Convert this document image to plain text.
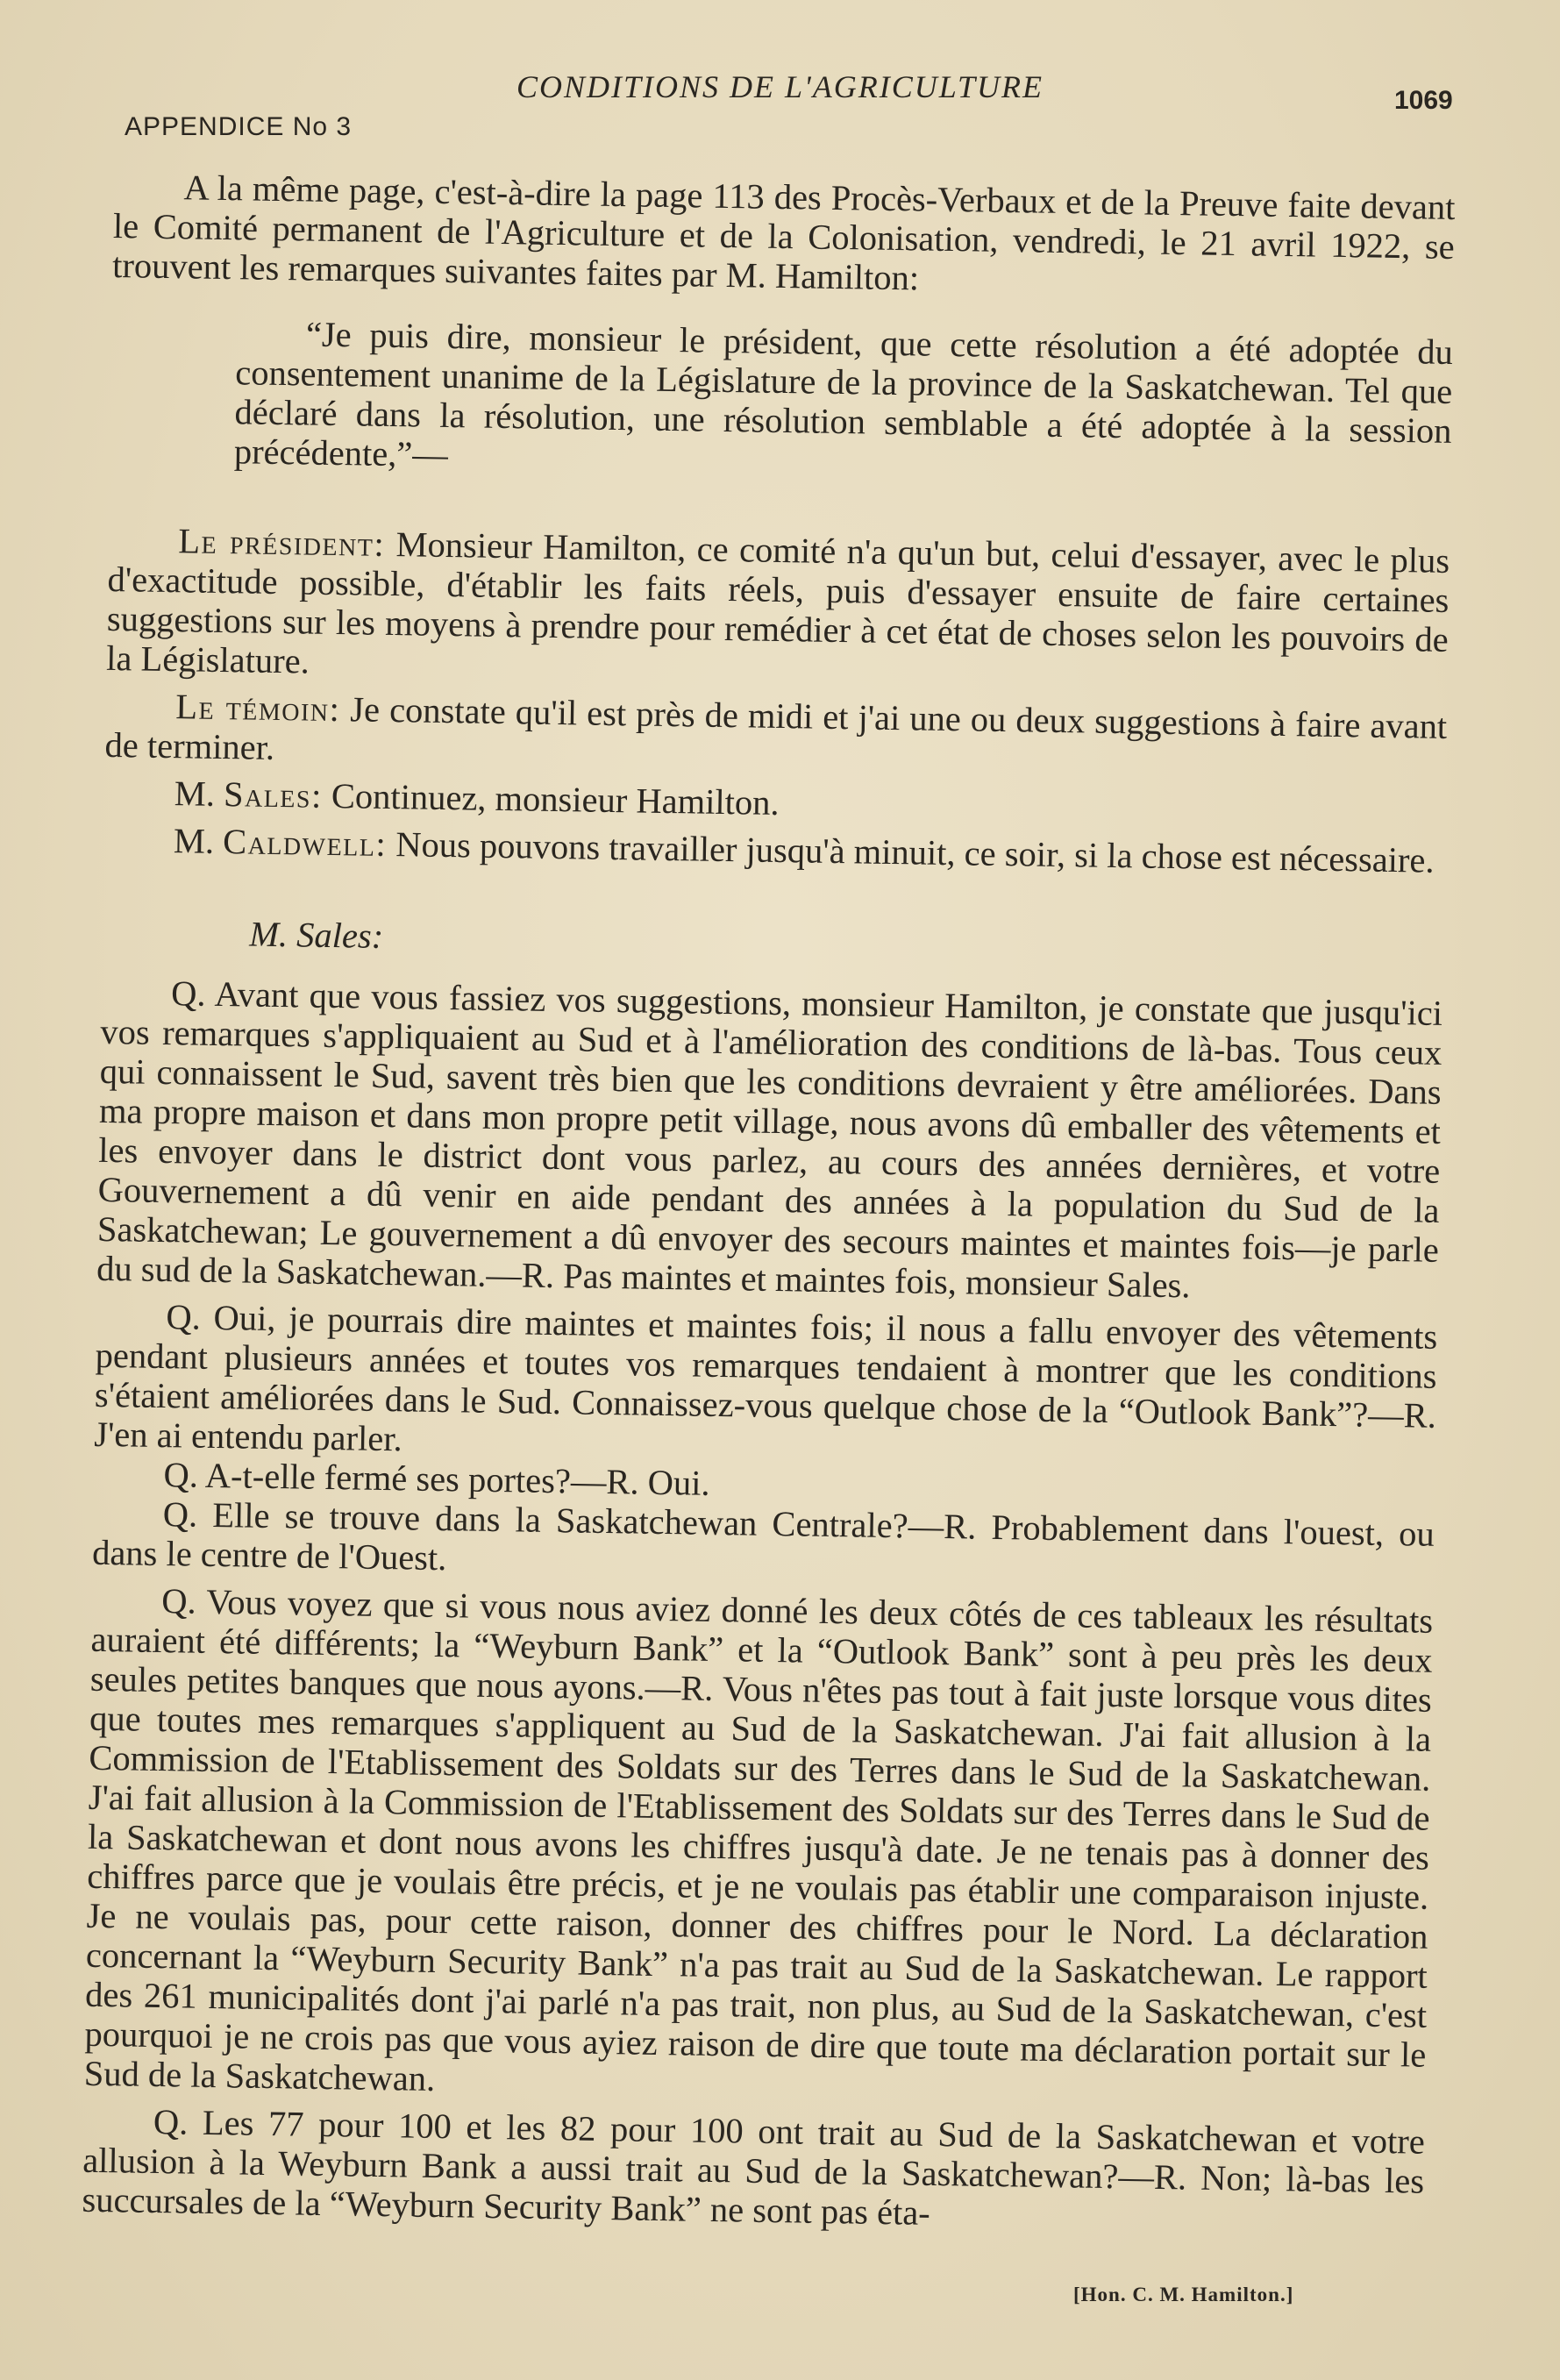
CONDITIONS DE L'AGRICULTURE
APPENDICE No 3
1069

A la même page, c'est-à-dire la page 113 des Procès-Verbaux et de la Preuve faite devant le Comité permanent de l'Agriculture et de la Colonisation, vendredi, le 21 avril 1922, se trouvent les remarques suivantes faites par M. Hamilton:

“Je puis dire, monsieur le président, que cette résolution a été adoptée du consentement unanime de la Législature de la province de la Saskatchewan. Tel que déclaré dans la résolution, une résolution semblable a été adoptée à la session précédente,”—

Le président: Monsieur Hamilton, ce comité n'a qu'un but, celui d'essayer, avec le plus d'exactitude possible, d'établir les faits réels, puis d'essayer ensuite de faire certaines suggestions sur les moyens à prendre pour remédier à cet état de choses selon les pouvoirs de la Législature.

Le témoin: Je constate qu'il est près de midi et j'ai une ou deux suggestions à faire avant de terminer.

M. Sales: Continuez, monsieur Hamilton.

M. Caldwell: Nous pouvons travailler jusqu'à minuit, ce soir, si la chose est nécessaire.

M. Sales:

Q. Avant que vous fassiez vos suggestions, monsieur Hamilton, je constate que jusqu'ici vos remarques s'appliquaient au Sud et à l'amélioration des conditions de là-bas. Tous ceux qui connaissent le Sud, savent très bien que les conditions devraient y être améliorées. Dans ma propre maison et dans mon propre petit village, nous avons dû emballer des vêtements et les envoyer dans le district dont vous parlez, au cours des années dernières, et votre Gouvernement a dû venir en aide pendant des années à la population du Sud de la Saskatchewan; Le gouvernement a dû envoyer des secours maintes et maintes fois—je parle du sud de la Saskatchewan.—R. Pas maintes et maintes fois, monsieur Sales.

Q. Oui, je pourrais dire maintes et maintes fois; il nous a fallu envoyer des vêtements pendant plusieurs années et toutes vos remarques tendaient à montrer que les conditions s'étaient améliorées dans le Sud. Connaissez-vous quelque chose de la “Outlook Bank”?—R. J'en ai entendu parler.

Q. A-t-elle fermé ses portes?—R. Oui.

Q. Elle se trouve dans la Saskatchewan Centrale?—R. Probablement dans l'ouest, ou dans le centre de l'Ouest.

Q. Vous voyez que si vous nous aviez donné les deux côtés de ces tableaux les résultats auraient été différents; la “Weyburn Bank” et la “Outlook Bank” sont à peu près les deux seules petites banques que nous ayons.—R. Vous n'êtes pas tout à fait juste lorsque vous dites que toutes mes remarques s'appliquent au Sud de la Saskatchewan. J'ai fait allusion à la Commission de l'Etablissement des Soldats sur des Terres dans le Sud de la Saskatchewan. J'ai fait allusion à la Commission de l'Etablissement des Soldats sur des Terres dans le Sud de la Saskatchewan et dont nous avons les chiffres jusqu'à date. Je ne tenais pas à donner des chiffres parce que je voulais être précis, et je ne voulais pas établir une comparaison injuste. Je ne voulais pas, pour cette raison, donner des chiffres pour le Nord. La déclaration concernant la “Weyburn Security Bank” n'a pas trait au Sud de la Saskatchewan. Le rapport des 261 municipalités dont j'ai parlé n'a pas trait, non plus, au Sud de la Saskatchewan, c'est pourquoi je ne crois pas que vous ayiez raison de dire que toute ma déclaration portait sur le Sud de la Saskatchewan.

Q. Les 77 pour 100 et les 82 pour 100 ont trait au Sud de la Saskatchewan et votre allusion à la Weyburn Bank a aussi trait au Sud de la Saskatchewan?—R. Non; là-bas les succursales de la “Weyburn Security Bank” ne sont pas éta-

[Hon. C. M. Hamilton.]
